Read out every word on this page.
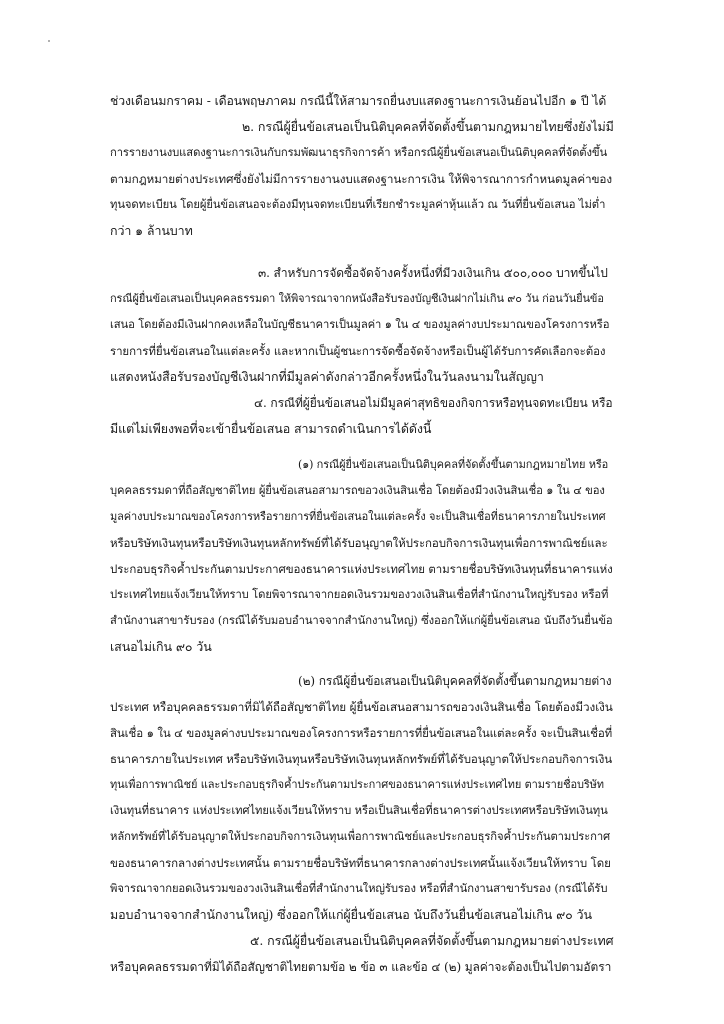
ช่วงเดือนมกราคม - เดือนพฤษภาคม กรณีนี้ให้สามารถยื่นงบแสดงฐานะการเงินย้อนไปอีก ๑ ปี ได้
๒. กรณีผู้ยื่นข้อเสนอเป็นนิติบุคคลที่จัดตั้งขึ้นตามกฎหมายไทยซึ่งยังไม่มี
การรายงานงบแสดงฐานะการเงินกับกรมพัฒนาธุรกิจการค้า หรือกรณีผู้ยื่นข้อเสนอเป็นนิติบุคคลที่จัดตั้งขึ้น
ตามกฎหมายต่างประเทศซึ่งยังไม่มีการรายงานงบแสดงฐานะการเงิน ให้พิจารณาการกำหนดมูลค่าของ
ทุนจดทะเบียน โดยผู้ยื่นข้อเสนอจะต้องมีทุนจดทะเบียนที่เรียกชำระมูลค่าหุ้นแล้ว ณ วันที่ยื่นข้อเสนอ ไม่ต่ำ
กว่า ๑ ล้านบาท
๓. สำหรับการจัดซื้อจัดจ้างครั้งหนึ่งที่มีวงเงินเกิน ๕๐๐,๐๐๐ บาทขึ้นไป
กรณีผู้ยื่นข้อเสนอเป็นบุคคลธรรมดา ให้พิจารณาจากหนังสือรับรองบัญชีเงินฝากไม่เกิน ๙๐ วัน ก่อนวันยื่นข้อ
เสนอ โดยต้องมีเงินฝากคงเหลือในบัญชีธนาคารเป็นมูลค่า ๑ ใน ๔ ของมูลค่างบประมาณของโครงการหรือ
รายการที่ยื่นข้อเสนอในแต่ละครั้ง และหากเป็นผู้ชนะการจัดซื้อจัดจ้างหรือเป็นผู้ได้รับการคัดเลือกจะต้อง
แสดงหนังสือรับรองบัญชีเงินฝากที่มีมูลค่าดังกล่าวอีกครั้งหนึ่งในวันลงนามในสัญญา
๔. กรณีที่ผู้ยื่นข้อเสนอไม่มีมูลค่าสุทธิของกิจการหรือทุนจดทะเบียน หรือ
มีแต่ไม่เพียงพอที่จะเข้ายื่นข้อเสนอ สามารถดำเนินการได้ดังนี้
(๑) กรณีผู้ยื่นข้อเสนอเป็นนิติบุคคลที่จัดตั้งขึ้นตามกฎหมายไทย หรือ
บุคคลธรรมดาที่ถือสัญชาติไทย ผู้ยื่นข้อเสนอสามารถขอวงเงินสินเชื่อ โดยต้องมีวงเงินสินเชื่อ ๑ ใน ๔ ของ
มูลค่างบประมาณของโครงการหรือรายการที่ยื่นข้อเสนอในแต่ละครั้ง จะเป็นสินเชื่อที่ธนาคารภายในประเทศ
หรือบริษัทเงินทุนหรือบริษัทเงินทุนหลักทรัพย์ที่ได้รับอนุญาตให้ประกอบกิจการเงินทุนเพื่อการพาณิชย์และ
ประกอบธุรกิจค้ำประกันตามประกาศของธนาคารแห่งประเทศไทย ตามรายชื่อบริษัทเงินทุนที่ธนาคารแห่ง
ประเทศไทยแจ้งเวียนให้ทราบ โดยพิจารณาจากยอดเงินรวมของวงเงินสินเชื่อที่สำนักงานใหญ่รับรอง หรือที่
สำนักงานสาขารับรอง (กรณีได้รับมอบอำนาจจากสำนักงานใหญ่) ซึ่งออกให้แก่ผู้ยื่นข้อเสนอ นับถึงวันยื่นข้อ
เสนอไม่เกิน ๙๐ วัน
(๒) กรณีผู้ยื่นข้อเสนอเป็นนิติบุคคลที่จัดตั้งขึ้นตามกฎหมายต่าง
ประเทศ หรือบุคคลธรรมดาที่มิได้ถือสัญชาติไทย ผู้ยื่นข้อเสนอสามารถขอวงเงินสินเชื่อ โดยต้องมีวงเงิน
สินเชื่อ ๑ ใน ๔ ของมูลค่างบประมาณของโครงการหรือรายการที่ยื่นข้อเสนอในแต่ละครั้ง จะเป็นสินเชื่อที่
ธนาคารภายในประเทศ หรือบริษัทเงินทุนหรือบริษัทเงินทุนหลักทรัพย์ที่ได้รับอนุญาตให้ประกอบกิจการเงิน
ทุนเพื่อการพาณิชย์ และประกอบธุรกิจค้ำประกันตามประกาศของธนาคารแห่งประเทศไทย ตามรายชื่อบริษัท
เงินทุนที่ธนาคาร แห่งประเทศไทยแจ้งเวียนให้ทราบ หรือเป็นสินเชื่อที่ธนาคารต่างประเทศหรือบริษัทเงินทุน
หลักทรัพย์ที่ได้รับอนุญาตให้ประกอบกิจการเงินทุนเพื่อการพาณิชย์และประกอบธุรกิจค้ำประกันตามประกาศ
ของธนาคารกลางต่างประเทศนั้น ตามรายชื่อบริษัทที่ธนาคารกลางต่างประเทศนั้นแจ้งเวียนให้ทราบ โดย
พิจารณาจากยอดเงินรวมของวงเงินสินเชื่อที่สำนักงานใหญ่รับรอง หรือที่สำนักงานสาขารับรอง (กรณีได้รับ
มอบอำนาจจากสำนักงานใหญ่) ซึ่งออกให้แก่ผู้ยื่นข้อเสนอ นับถึงวันยื่นข้อเสนอไม่เกิน ๙๐ วัน
๕. กรณีผู้ยื่นข้อเสนอเป็นนิติบุคคลที่จัดตั้งขึ้นตามกฎหมายต่างประเทศ
หรือบุคคลธรรมดาที่มิได้ถือสัญชาติไทยตามข้อ ๒ ข้อ ๓ และข้อ ๔ (๒) มูลค่าจะต้องเป็นไปตามอัตรา
